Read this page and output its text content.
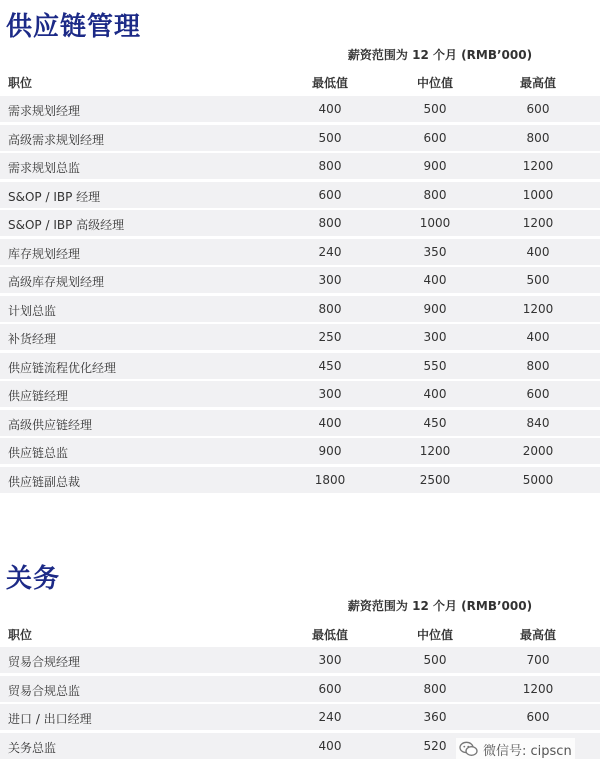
供应链管理
薪资范围为 12 个月 (RMB’000)
职位	最低值	中位值	最高值
需求规划经理	400	500	600
高级需求规划经理	500	600	800
需求规划总监	800	900	1200
S&OP / IBP 经理	600	800	1000
S&OP / IBP 高级经理	800	1000	1200
库存规划经理	240	350	400
高级库存规划经理	300	400	500
计划总监	800	900	1200
补货经理	250	300	400
供应链流程优化经理	450	550	800
供应链经理	300	400	600
高级供应链经理	400	450	840
供应链总监	900	1200	2000
供应链副总裁	1800	2500	5000
关务
薪资范围为 12 个月 (RMB’000)
职位	最低值	中位值	最高值
贸易合规经理	300	500	700
贸易合规总监	600	800	1200
进口 / 出口经理	240	360	600
关务总监	400	520	微信号: cipscn
